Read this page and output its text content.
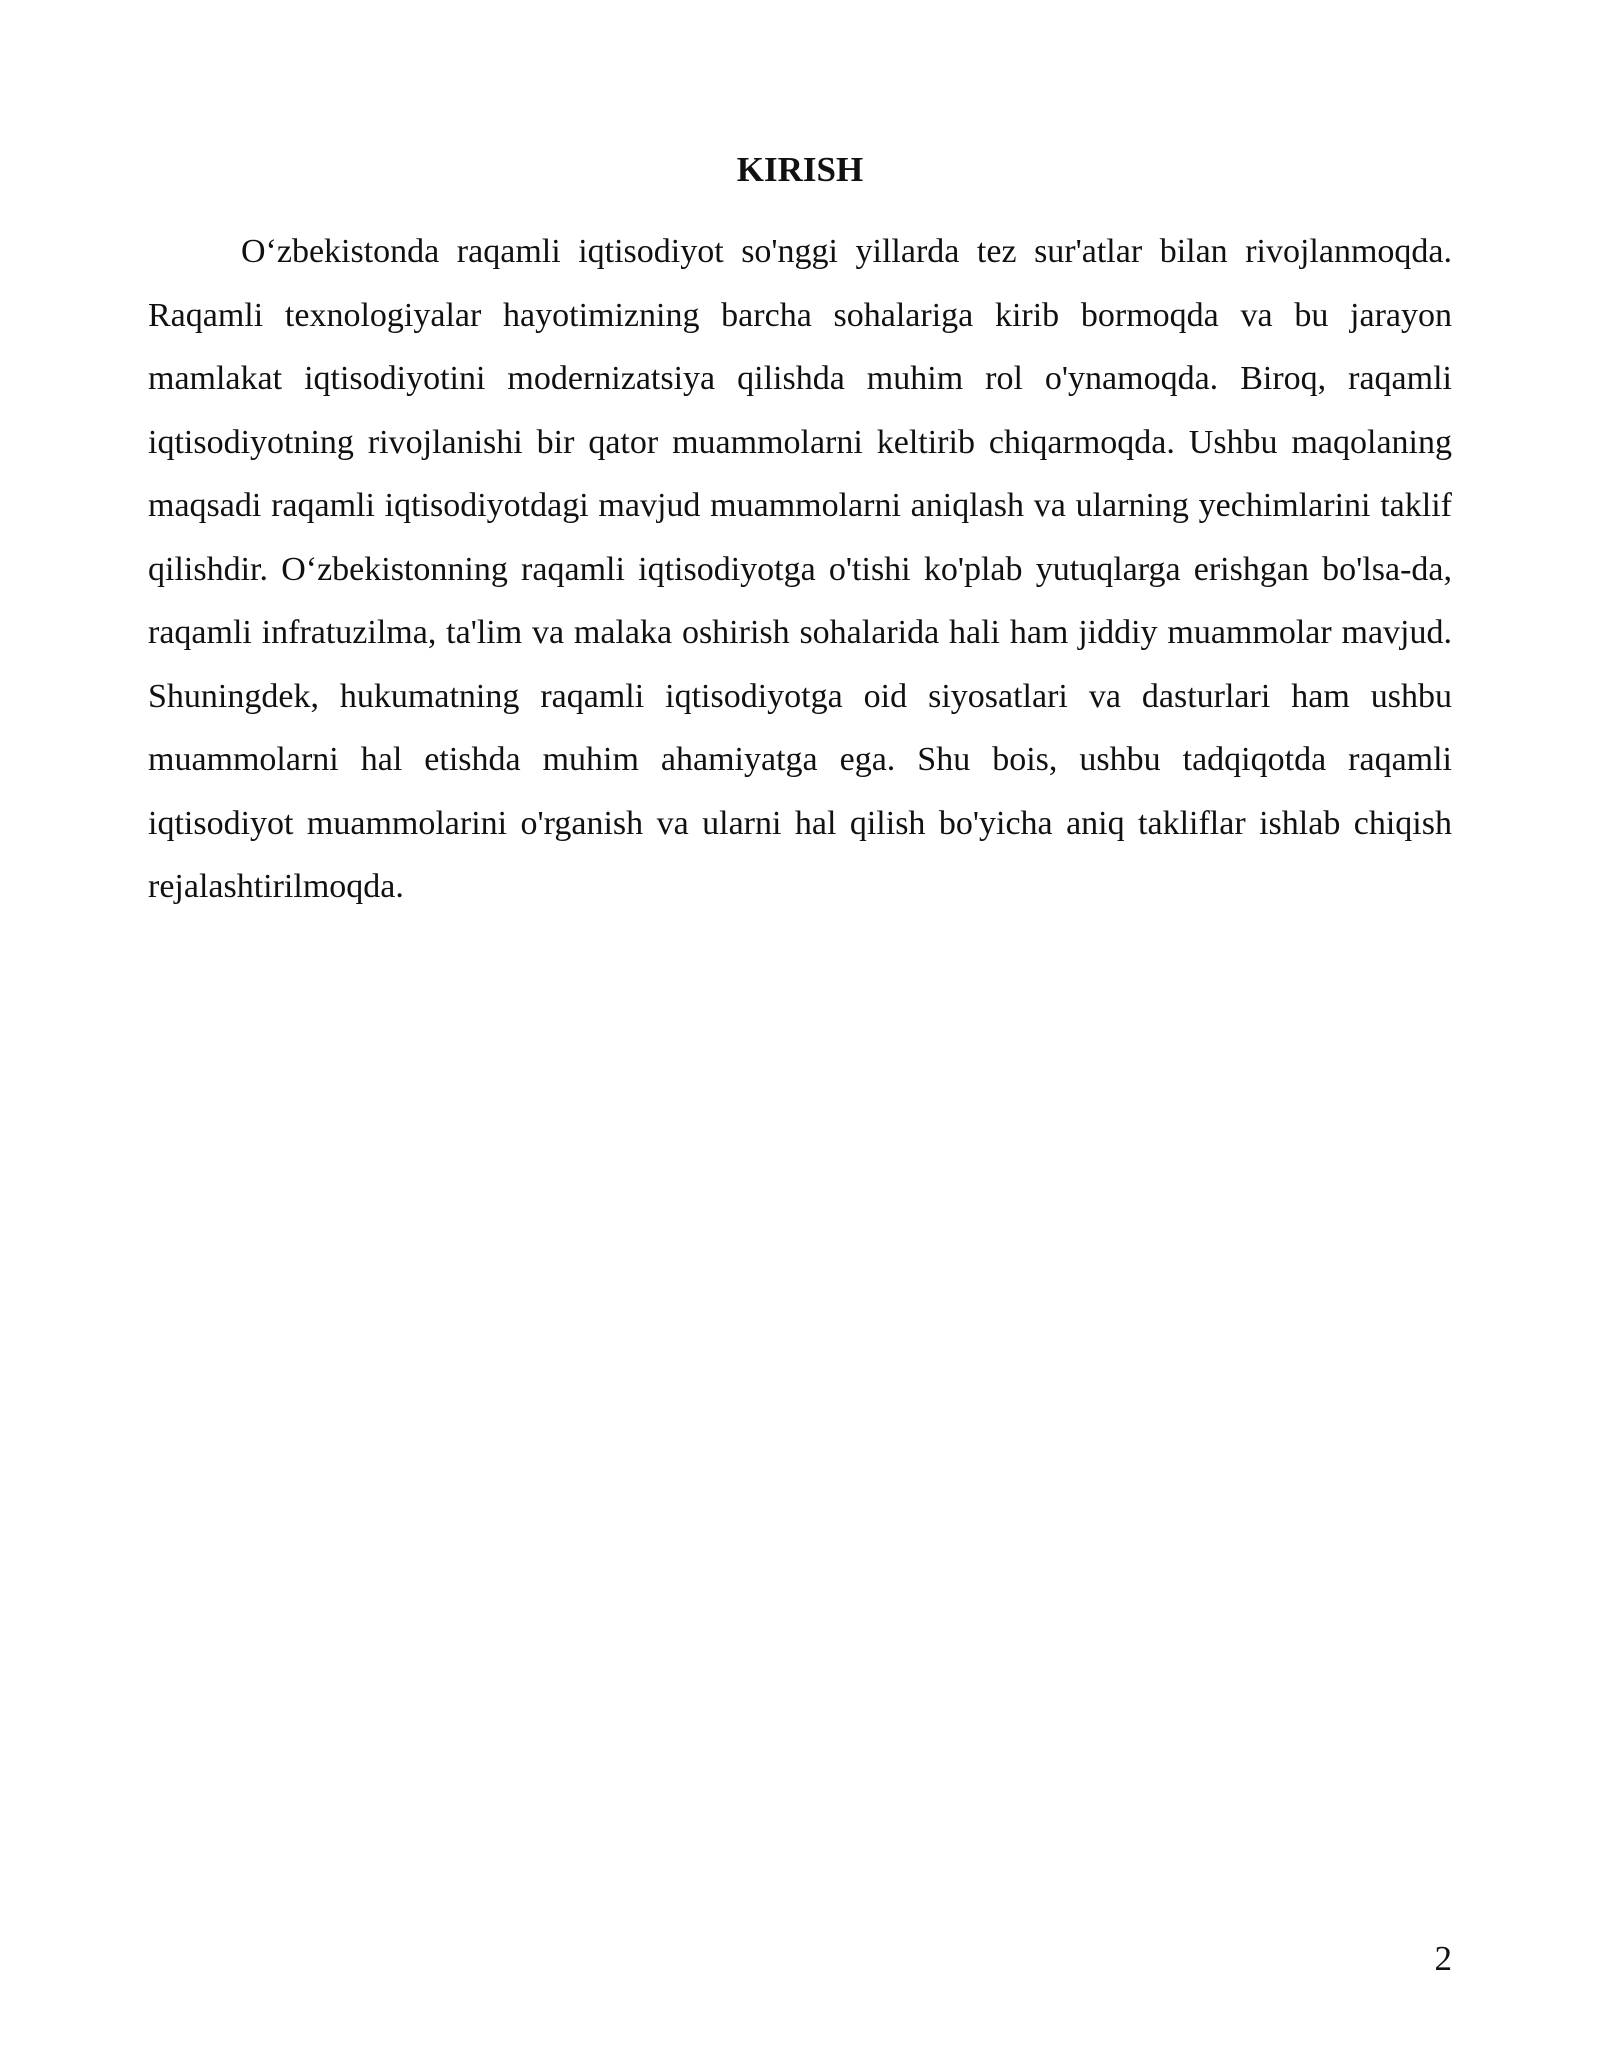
KIRISH

O‘zbekistonda raqamli iqtisodiyot so'nggi yillarda tez sur'atlar bilan rivojlanmoqda. Raqamli texnologiyalar hayotimizning barcha sohalariga kirib bormoqda va bu jarayon mamlakat iqtisodiyotini modernizatsiya qilishda muhim rol o'ynamoqda. Biroq, raqamli iqtisodiyotning rivojlanishi bir qator muammolarni keltirib chiqarmoqda. Ushbu maqolaning maqsadi raqamli iqtisodiyotdagi mavjud muammolarni aniqlash va ularning yechimlarini taklif qilishdir. O‘zbekistonning raqamli iqtisodiyotga o'tishi ko'plab yutuqlarga erishgan bo'lsa-da, raqamli infratuzilma, ta'lim va malaka oshirish sohalarida hali ham jiddiy muammolar mavjud. Shuningdek, hukumatning raqamli iqtisodiyotga oid siyosatlari va dasturlari ham ushbu muammolarni hal etishda muhim ahamiyatga ega. Shu bois, ushbu tadqiqotda raqamli iqtisodiyot muammolarini o'rganish va ularni hal qilish bo'yicha aniq takliflar ishlab chiqish rejalashtirilmoqda.

2
